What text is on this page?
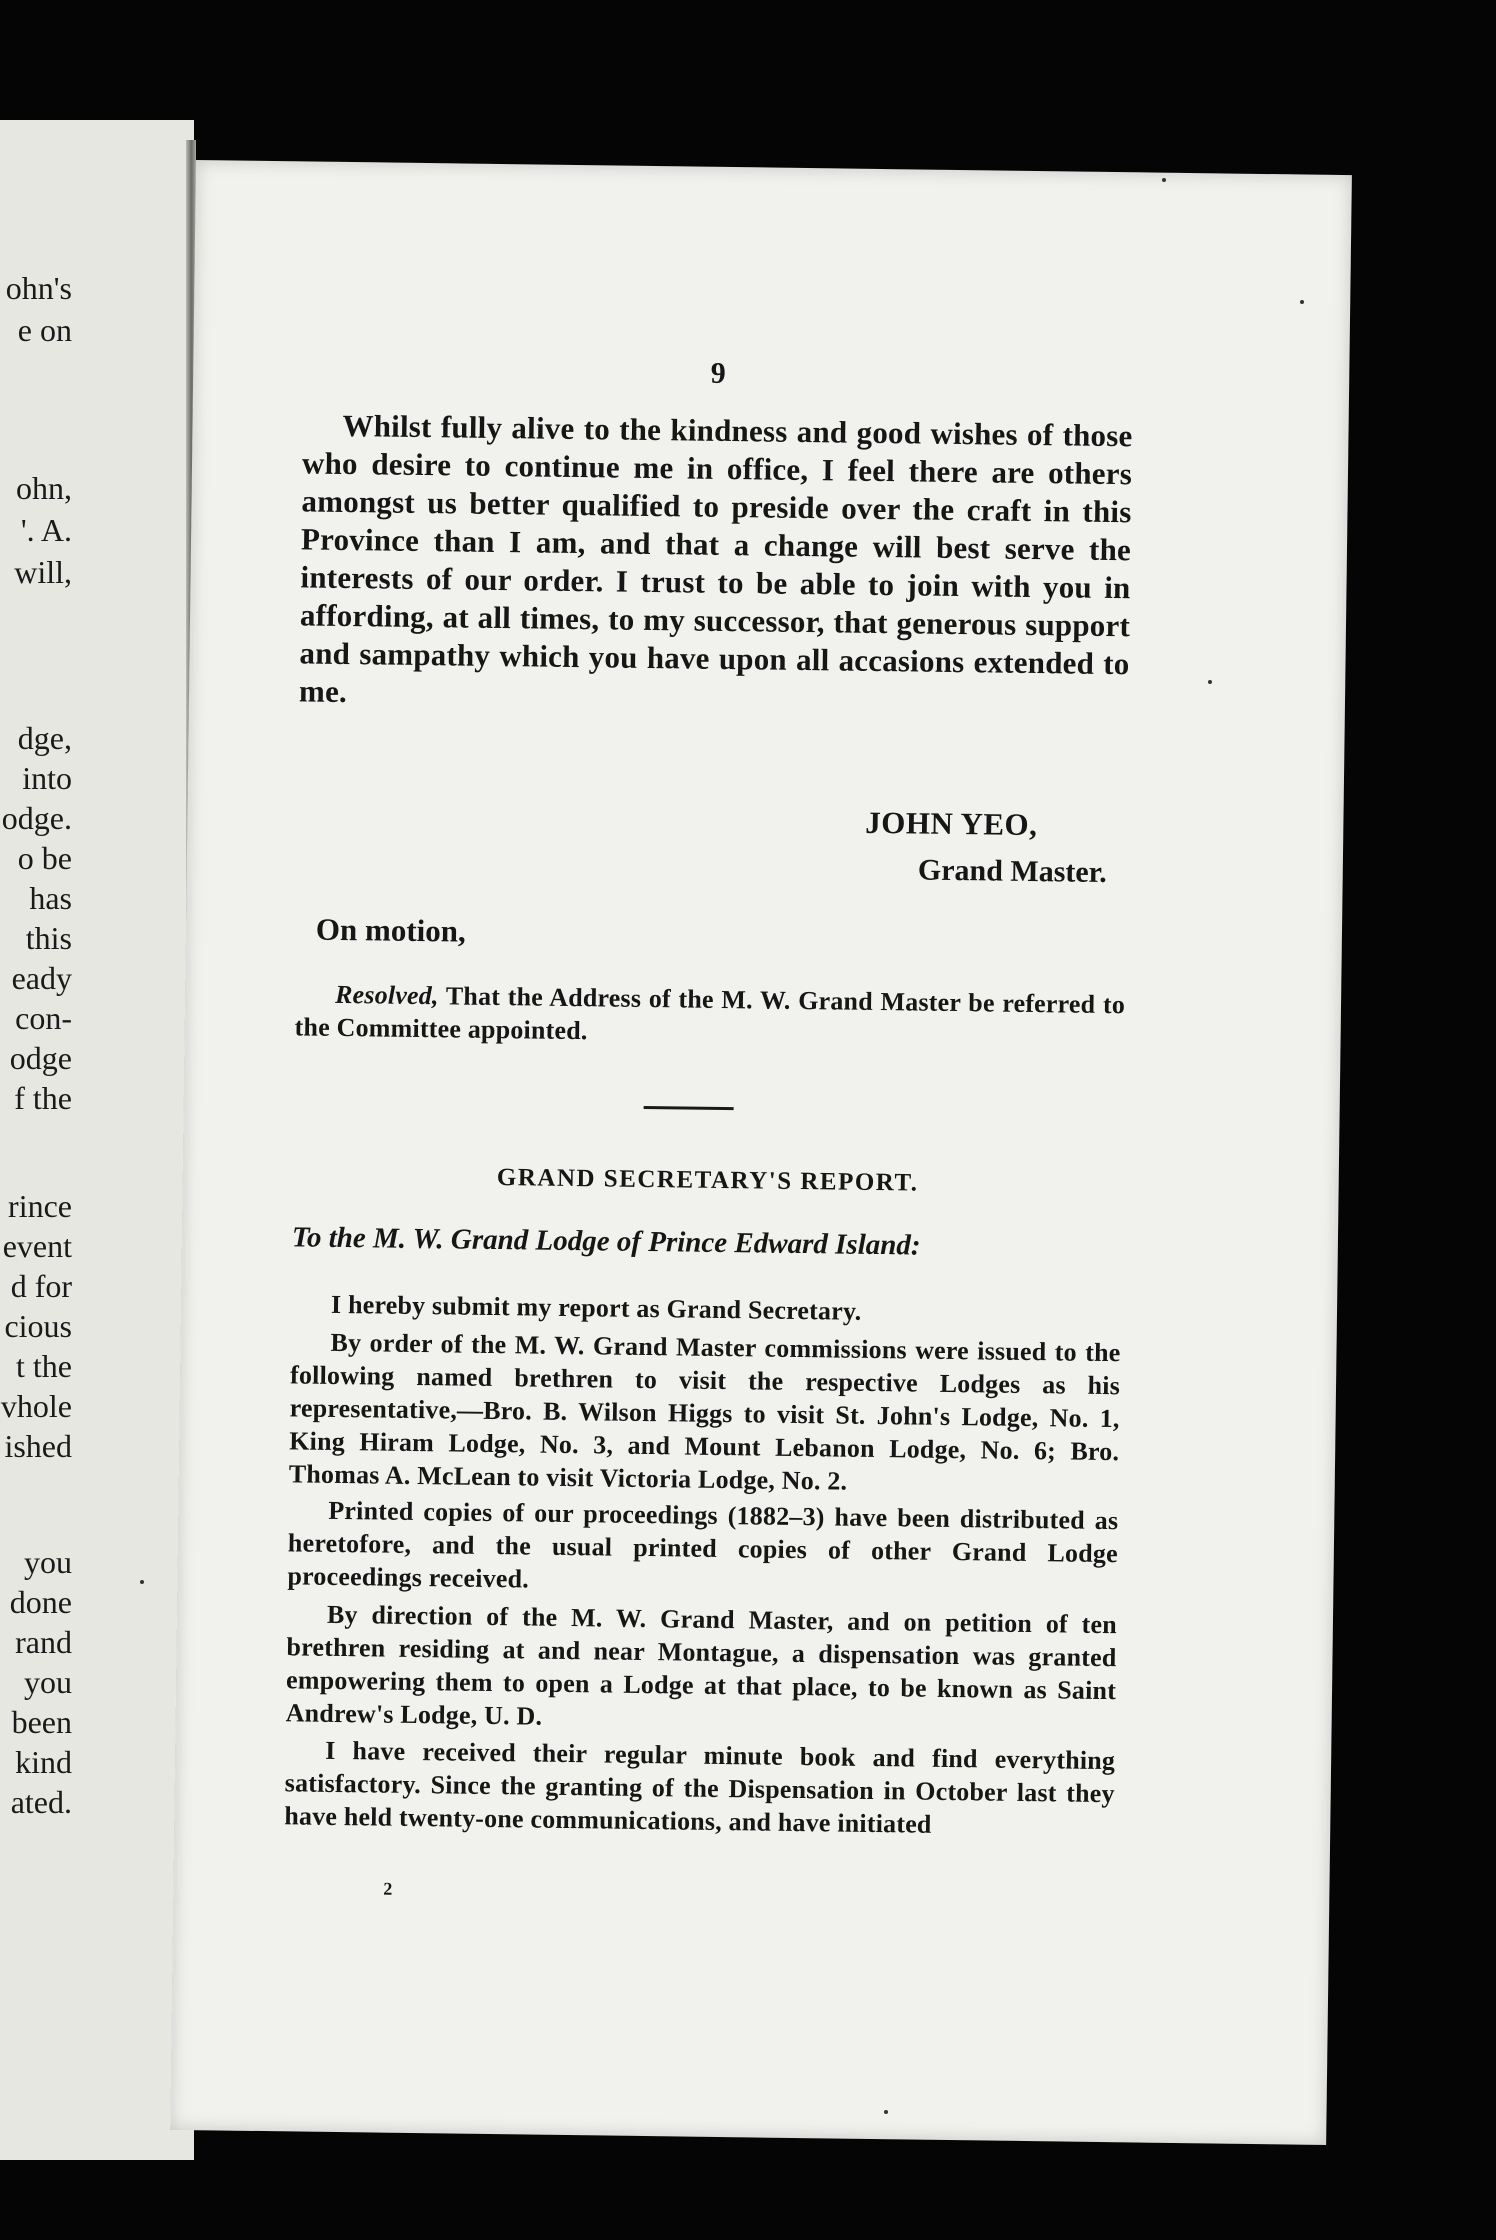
ohn's
e on
ohn,
'. A.
will,
dge,
into
odge.
o be
has
this
eady
con-
odge
f the
rince
event
d for
cious
t the
vhole
ished
you
done
rand
you
been
kind
ated.
9
Whilst fully alive to the kindness and good wishes of those who desire to continue me in office, I feel there are others amongst us better qualified to preside over the craft in this Province than I am, and that a change will best serve the interests of our order. I trust to be able to join with you in affording, at all times, to my successor, that generous support and sampathy which you have upon all accasions extended to me.
JOHN YEO,
Grand Master.
On motion,
Resolved, That the Address of the M. W. Grand Master be referred to the Committee appointed.
GRAND SECRETARY'S REPORT.
To the M. W. Grand Lodge of Prince Edward Island:
I hereby submit my report as Grand Secretary.
By order of the M. W. Grand Master commissions were issued to the following named brethren to visit the respective Lodges as his representative,—Bro. B. Wilson Higgs to visit St. John's Lodge, No. 1, King Hiram Lodge, No. 3, and Mount Lebanon Lodge, No. 6; Bro. Thomas A. McLean to visit Victoria Lodge, No. 2.
Printed copies of our proceedings (1882–3) have been distributed as heretofore, and the usual printed copies of other Grand Lodge proceedings received.
By direction of the M. W. Grand Master, and on petition of ten brethren residing at and near Montague, a dispensation was granted empowering them to open a Lodge at that place, to be known as Saint Andrew's Lodge, U. D.
I have received their regular minute book and find everything satisfactory. Since the granting of the Dispensation in October last they have held twenty-one communications, and have initiated
2
